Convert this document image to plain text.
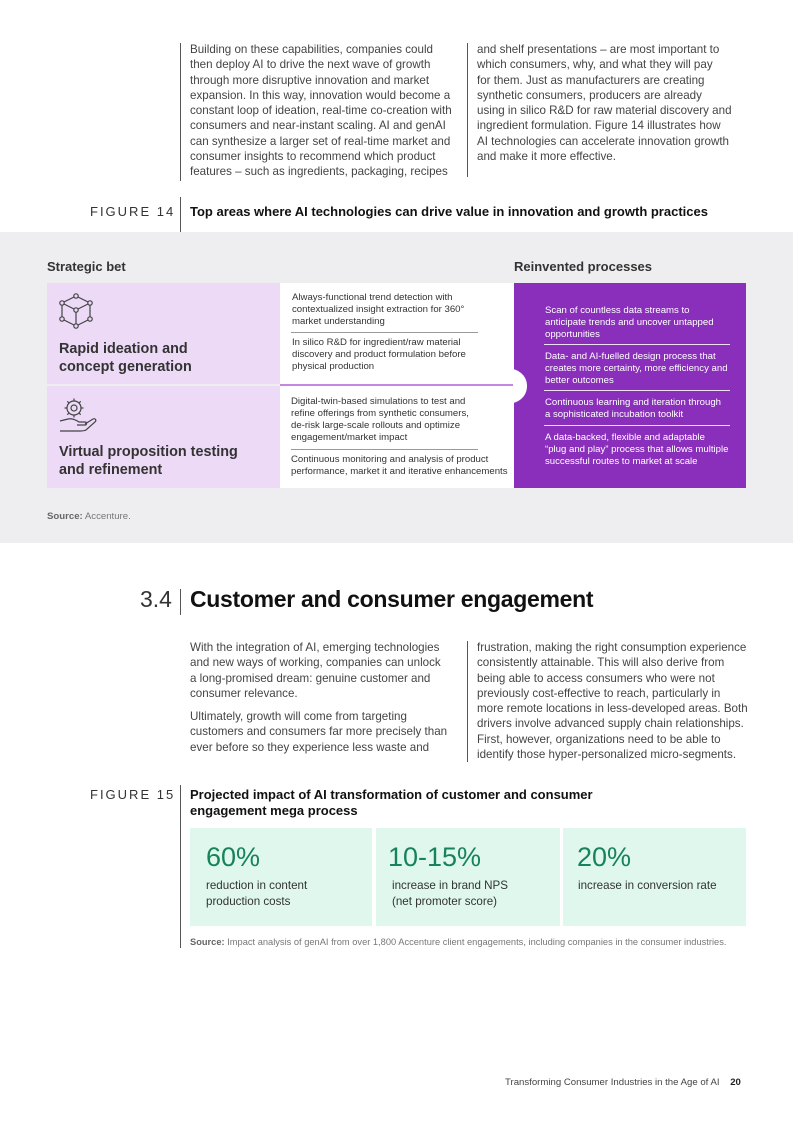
Building on these capabilities, companies could
then deploy AI to drive the next wave of growth
through more disruptive innovation and market
expansion. In this way, innovation would become a
constant loop of ideation, real-time co-creation with
consumers and near-instant scaling. AI and genAI
can synthesize a larger set of real-time market and
consumer insights to recommend which product
features – such as ingredients, packaging, recipes
and shelf presentations – are most important to
which consumers, why, and what they will pay
for them. Just as manufacturers are creating
synthetic consumers, producers are already
using in silico R&D for raw material discovery and
ingredient formulation. Figure 14 illustrates how
AI technologies can accelerate innovation growth
and make it more effective.
FIGURE 14 Top areas where AI technologies can drive value in innovation and growth practices
Strategic bet	Reinvented processes
Rapid ideation and
concept generation
Virtual proposition testing
and refinement
Always-functional trend detection with
contextualized insight extraction for 360°
market understanding
In silico R&D for ingredient/raw material
discovery and product formulation before
physical production
Digital-twin-based simulations to test and
refine offerings from synthetic consumers,
de-risk large-scale rollouts and optimize
engagement/market impact
Continuous monitoring and analysis of product
performance, market it and iterative enhancements
Scan of countless data streams to
anticipate trends and uncover untapped
opportunities
Data- and AI-fuelled design process that
creates more certainty, more efficiency and
better outcomes
Continuous learning and iteration through
a sophisticated incubation toolkit
A data-backed, flexible and adaptable
“plug and play” process that allows multiple
successful routes to market at scale
Source: Accenture.
3.4 Customer and consumer engagement
With the integration of AI, emerging technologies
and new ways of working, companies can unlock
a long-promised dream: genuine customer and
consumer relevance.
Ultimately, growth will come from targeting
customers and consumers far more precisely than
ever before so they experience less waste and
frustration, making the right consumption experience
consistently attainable. This will also derive from
being able to access consumers who were not
previously cost-effective to reach, particularly in
more remote locations in less-developed areas. Both
drivers involve advanced supply chain relationships.
First, however, organizations need to be able to
identify those hyper-personalized micro-segments.
FIGURE 15 Projected impact of AI transformation of customer and consumer
engagement mega process
60%
reduction in content
production costs
10-15%
increase in brand NPS
(net promoter score)
20%
increase in conversion rate
Source: Impact analysis of genAI from over 1,800 Accenture client engagements, including companies in the consumer industries.
Transforming Consumer Industries in the Age of AI 20
